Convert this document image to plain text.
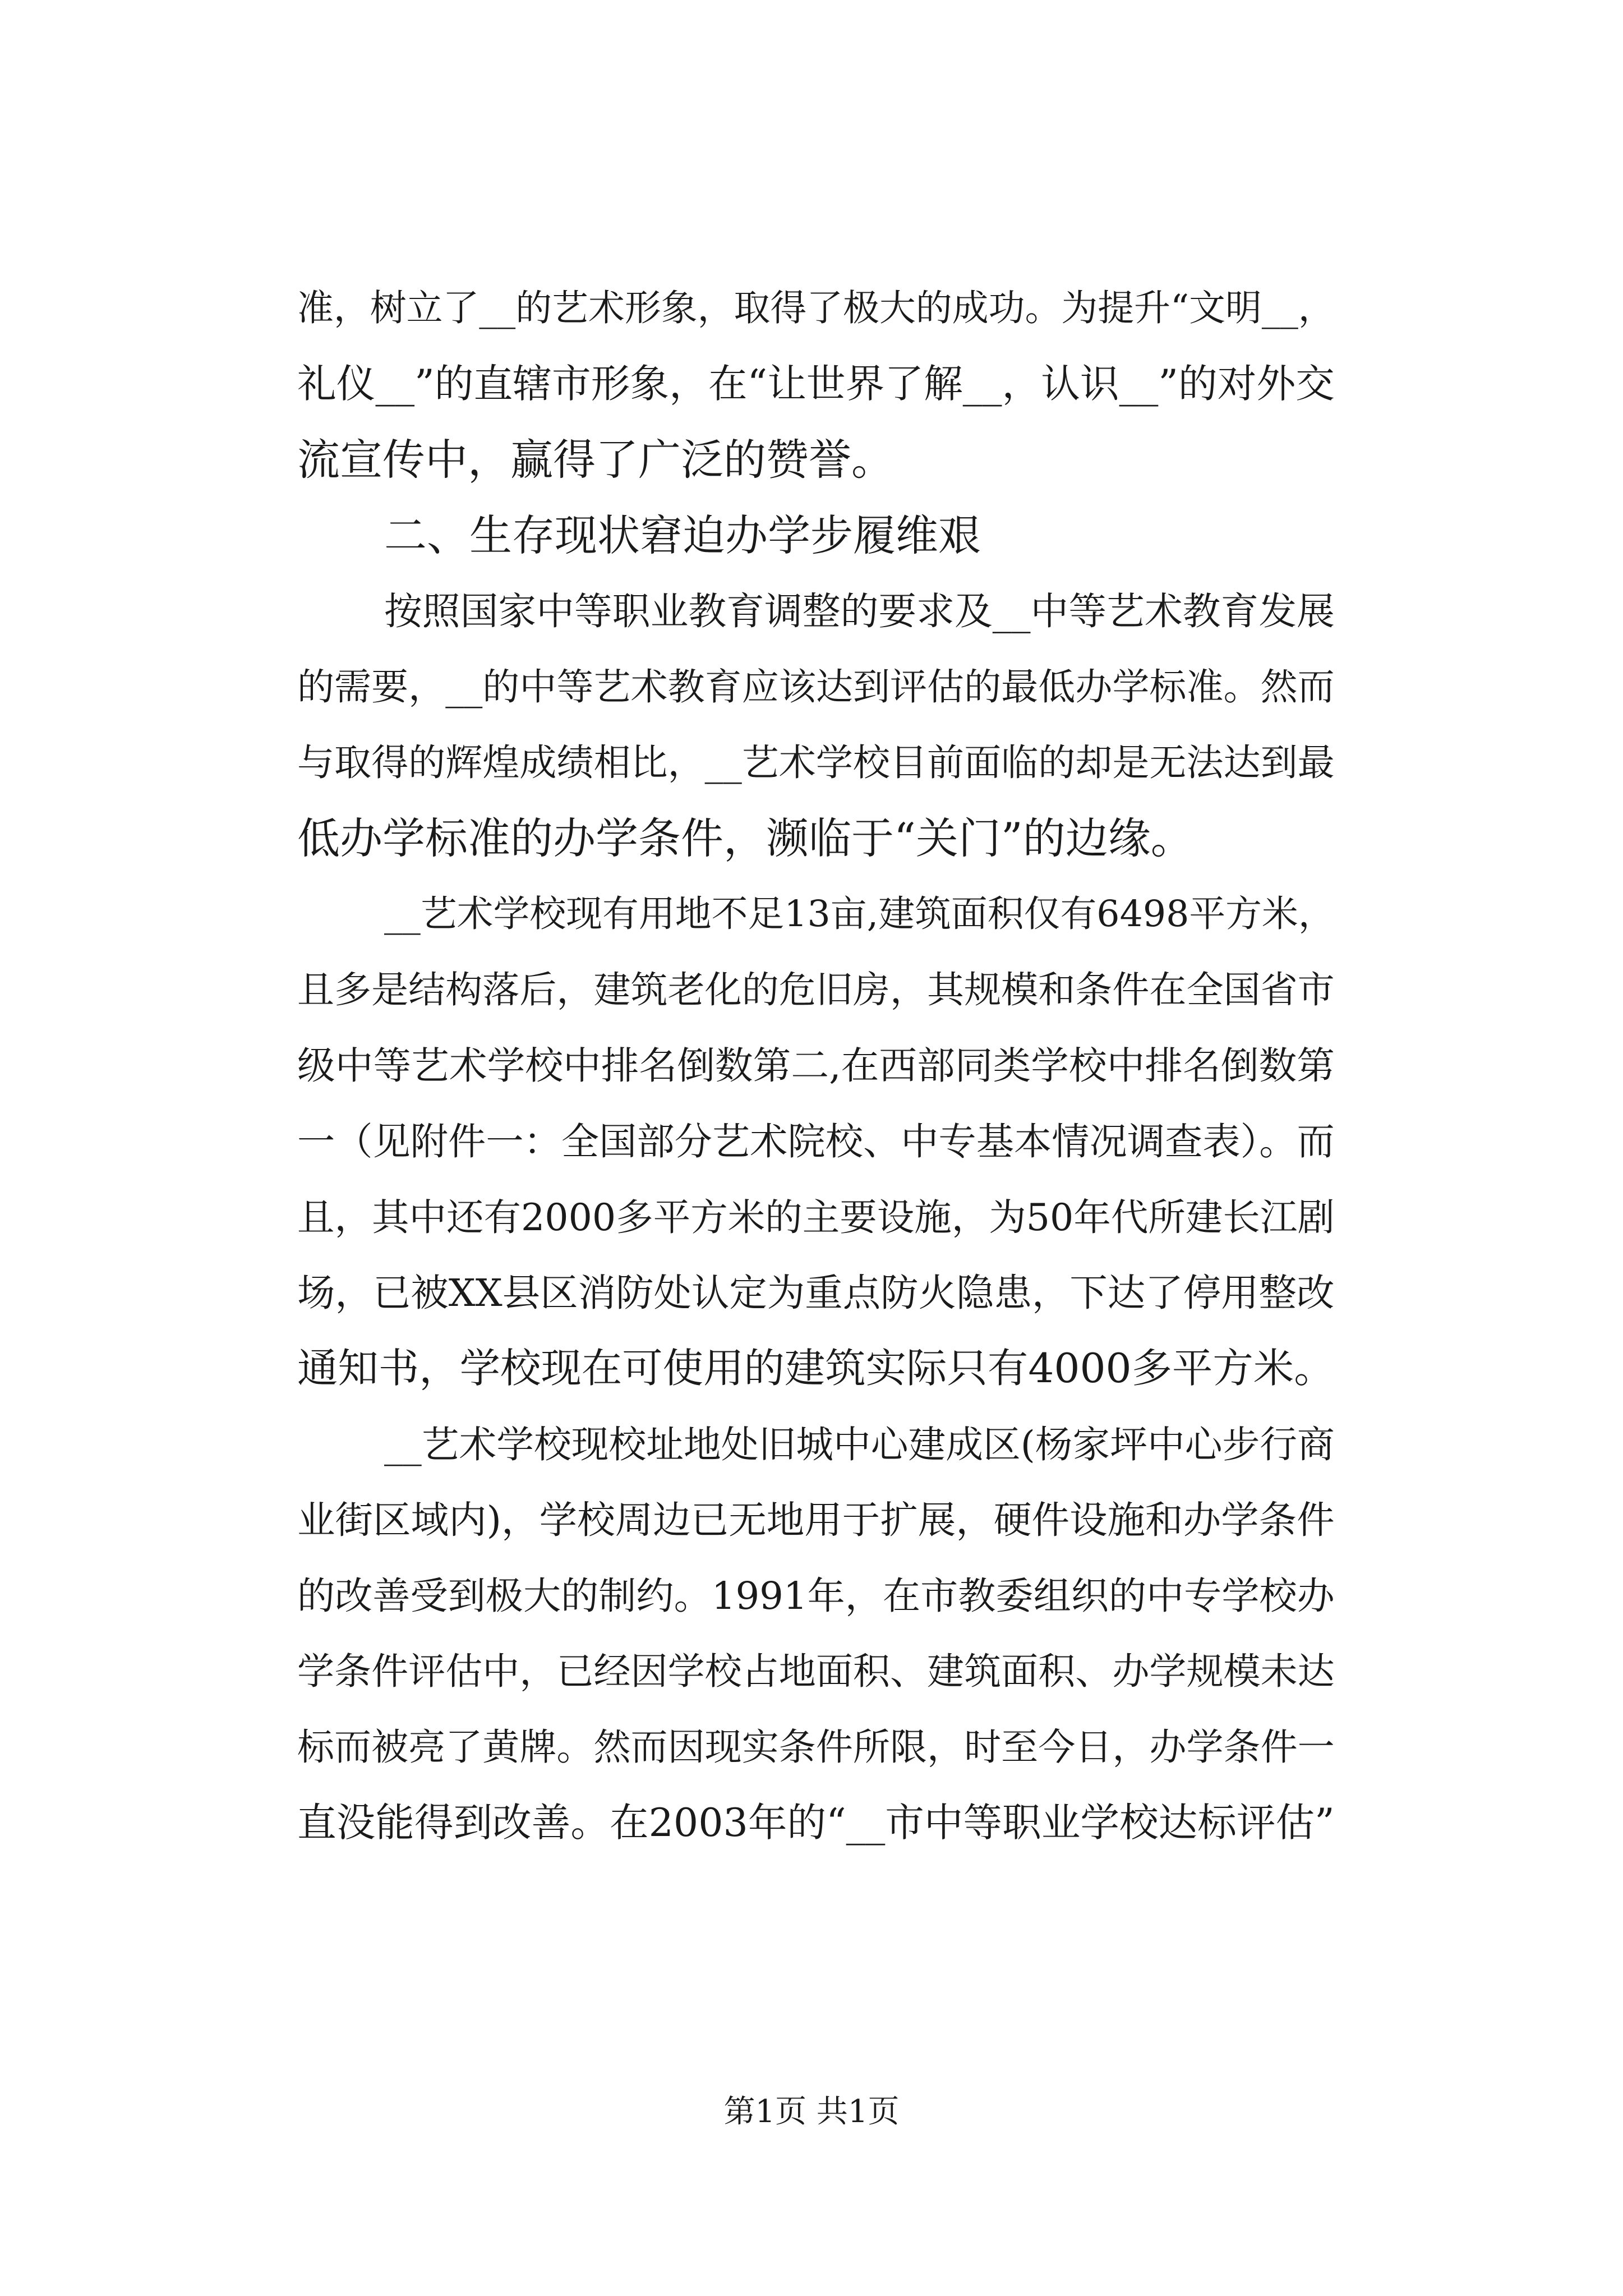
准，树立了__的艺术形象，取得了极大的成功。为提升“文明__，
礼仪__”的直辖市形象，在“让世界了解__，认识__”的对外交
流宣传中，赢得了广泛的赞誉。
二、生存现状窘迫办学步履维艰
按照国家中等职业教育调整的要求及__中等艺术教育发展
的需要，__的中等艺术教育应该达到评估的最低办学标准。然而
与取得的辉煌成绩相比，__艺术学校目前面临的却是无法达到最
低办学标准的办学条件，濒临于“关门”的边缘。
__艺术学校现有用地不足13亩,建筑面积仅有6498平方米，
且多是结构落后，建筑老化的危旧房，其规模和条件在全国省市
级中等艺术学校中排名倒数第二,在西部同类学校中排名倒数第
一（见附件一：全国部分艺术院校、中专基本情况调查表）。而
且，其中还有2000多平方米的主要设施，为50年代所建长江剧
场，已被XX县区消防处认定为重点防火隐患，下达了停用整改
通知书，学校现在可使用的建筑实际只有4000多平方米。
__艺术学校现校址地处旧城中心建成区(杨家坪中心步行商
业街区域内)，学校周边已无地用于扩展，硬件设施和办学条件
的改善受到极大的制约。1991年，在市教委组织的中专学校办
学条件评估中，已经因学校占地面积、建筑面积、办学规模未达
标而被亮了黄牌。然而因现实条件所限，时至今日，办学条件一
直没能得到改善。在2003年的“__市中等职业学校达标评估”
第1页 共1页
